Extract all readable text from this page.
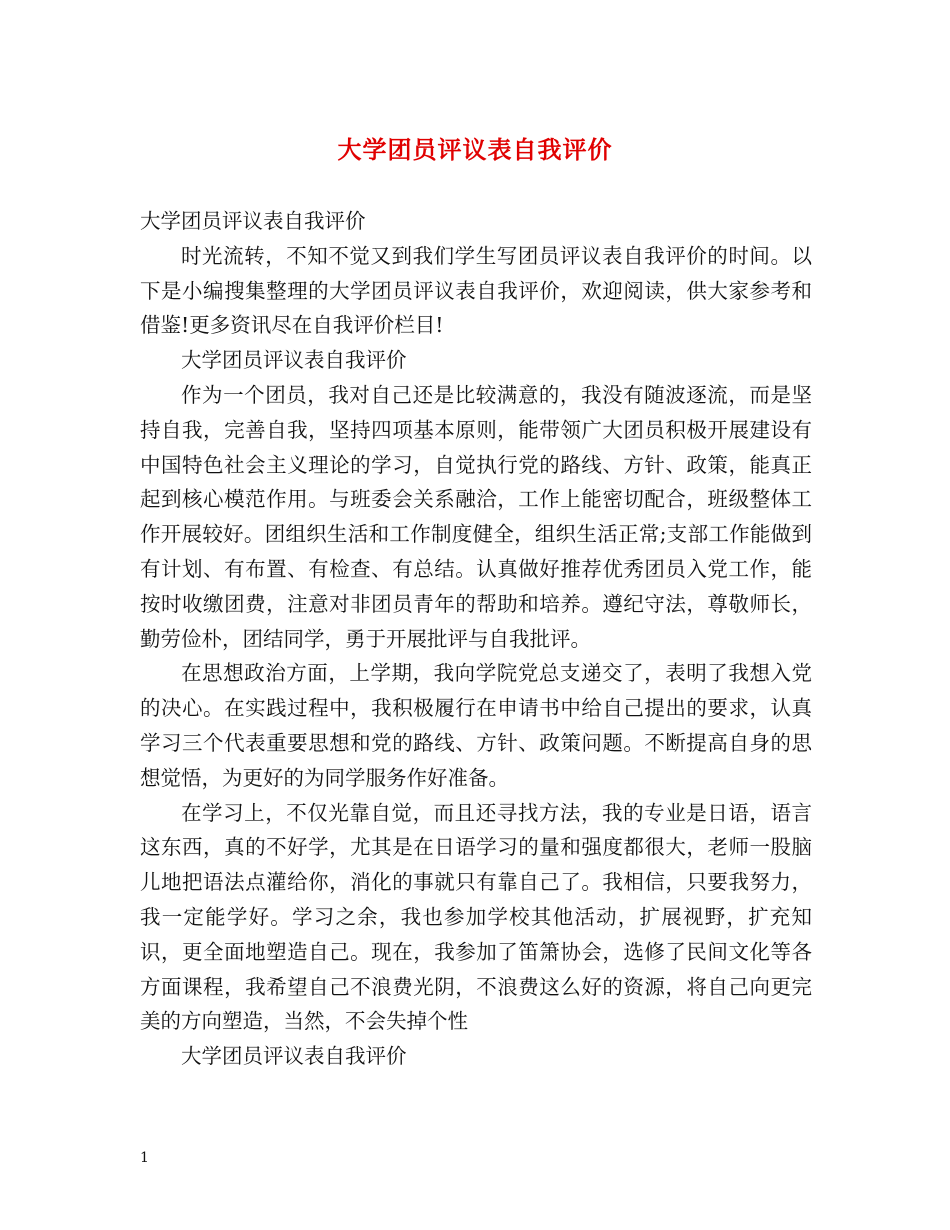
大学团员评议表自我评价

大学团员评议表自我评价

时光流转，不知不觉又到我们学生写团员评议表自我评价的时间。以下是小编搜集整理的大学团员评议表自我评价，欢迎阅读，供大家参考和借鉴!更多资讯尽在自我评价栏目!

大学团员评议表自我评价

作为一个团员，我对自己还是比较满意的，我没有随波逐流，而是坚持自我，完善自我，坚持四项基本原则，能带领广大团员积极开展建设有中国特色社会主义理论的学习，自觉执行党的路线、方针、政策，能真正起到核心模范作用。与班委会关系融洽，工作上能密切配合，班级整体工作开展较好。团组织生活和工作制度健全，组织生活正常;支部工作能做到有计划、有布置、有检查、有总结。认真做好推荐优秀团员入党工作，能按时收缴团费，注意对非团员青年的帮助和培养。遵纪守法，尊敬师长，勤劳俭朴，团结同学，勇于开展批评与自我批评。

在思想政治方面，上学期，我向学院党总支递交了，表明了我想入党的决心。在实践过程中，我积极履行在申请书中给自己提出的要求，认真学习三个代表重要思想和党的路线、方针、政策问题。不断提高自身的思想觉悟，为更好的为同学服务作好准备。

在学习上，不仅光靠自觉，而且还寻找方法，我的专业是日语，语言这东西，真的不好学，尤其是在日语学习的量和强度都很大，老师一股脑儿地把语法点灌给你，消化的事就只有靠自己了。我相信，只要我努力，我一定能学好。学习之余，我也参加学校其他活动，扩展视野，扩充知识，更全面地塑造自己。现在，我参加了笛箫协会，选修了民间文化等各方面课程，我希望自己不浪费光阴，不浪费这么好的资源，将自己向更完美的方向塑造，当然，不会失掉个性

大学团员评议表自我评价

1
